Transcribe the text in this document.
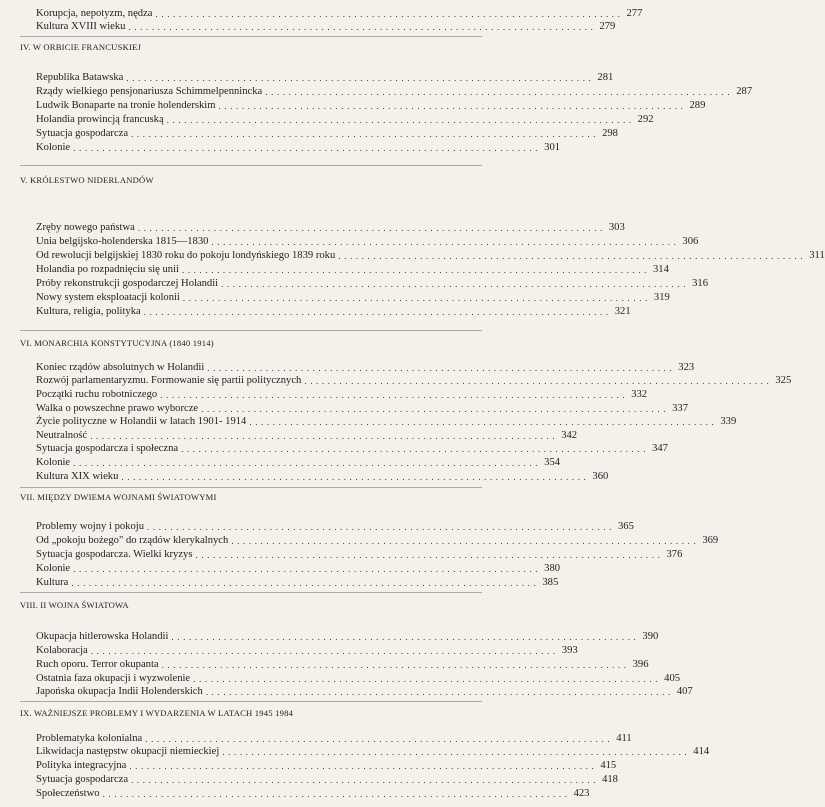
Korupcja, nepotyzm, nędza ................................................................................ 277
Kultura XVIII wieku ................................................................................ 279
IV. W ORBICIE FRANCUSKIEJ
Republika Batawska ................................................................................ 281
Rządy wielkiego pensjonariusza Schimmelpenninckа ................................................................................ 287
Ludwik Bonaparte na tronie holenderskim ................................................................................ 289
Holandia prowincją francuską ................................................................................ 292
Sytuacja gospodarcza ................................................................................ 298
Kolonie ................................................................................ 301
V. KRÓLESTWO NIDERLANDÓW
Zręby nowego państwa ................................................................................ 303
Unia belgijsko-holenderska 1815—1830 ................................................................................ 306
Od rewolucji belgijskiej 1830 roku do pokoju londyńskiego 1839 roku ................................................................................ 311
Holandia po rozpadnięciu się unii ................................................................................ 314
Próby rekonstrukcji gospodarczej Holandii ................................................................................ 316
Nowy system eksploatacji kolonii ................................................................................ 319
Kultura, religia, polityka ................................................................................ 321
VI. MONARCHIA KONSTYTUCYJNA (1840 1914)
Koniec rządów absolutnych w Holandii ................................................................................ 323
Rozwój parlamentaryzmu. Formowanie się partii politycznych ................................................................................ 325
Początki ruchu robotniczego ................................................................................ 332
Walka o powszechne prawo wyborcze ................................................................................ 337
Życie polityczne w Holandii w latach 1901- 1914 ................................................................................ 339
Neutralność ................................................................................ 342
Sytuacja gospodarcza i społeczna ................................................................................ 347
Kolonie ................................................................................ 354
Kultura XIX wieku ................................................................................ 360
VII. MIĘDZY DWIEMA WOJNAMI ŚWIATOWYMI
Problemy wojny i pokoju ................................................................................ 365
Od „pokoju bożego" do rządów klerykalnych ................................................................................ 369
Sytuacja gospodarcza. Wielki kryzys ................................................................................ 376
Kolonie ................................................................................ 380
Kultura ................................................................................ 385
VIII. II WOJNA ŚWIATOWA
Okupacja hitlerowska Holandii ................................................................................ 390
Kolaboracja ................................................................................ 393
Ruch oporu. Terror okupanta ................................................................................ 396
Ostatnia faza okupacji i wyzwolenie ................................................................................ 405
Japońska okupacja Indii Holenderskich ................................................................................ 407
IX. WAŻNIEJSZE PROBLEMY I WYDARZENIA W LATACH 1945 1984
Problematyka kolonialna ................................................................................ 411
Likwidacja następstw okupacji niemieckiej ................................................................................ 414
Polityka integracyjna ................................................................................ 415
Sytuacja gospodarcza ................................................................................ 418
Społeczeństwo ................................................................................ 423
